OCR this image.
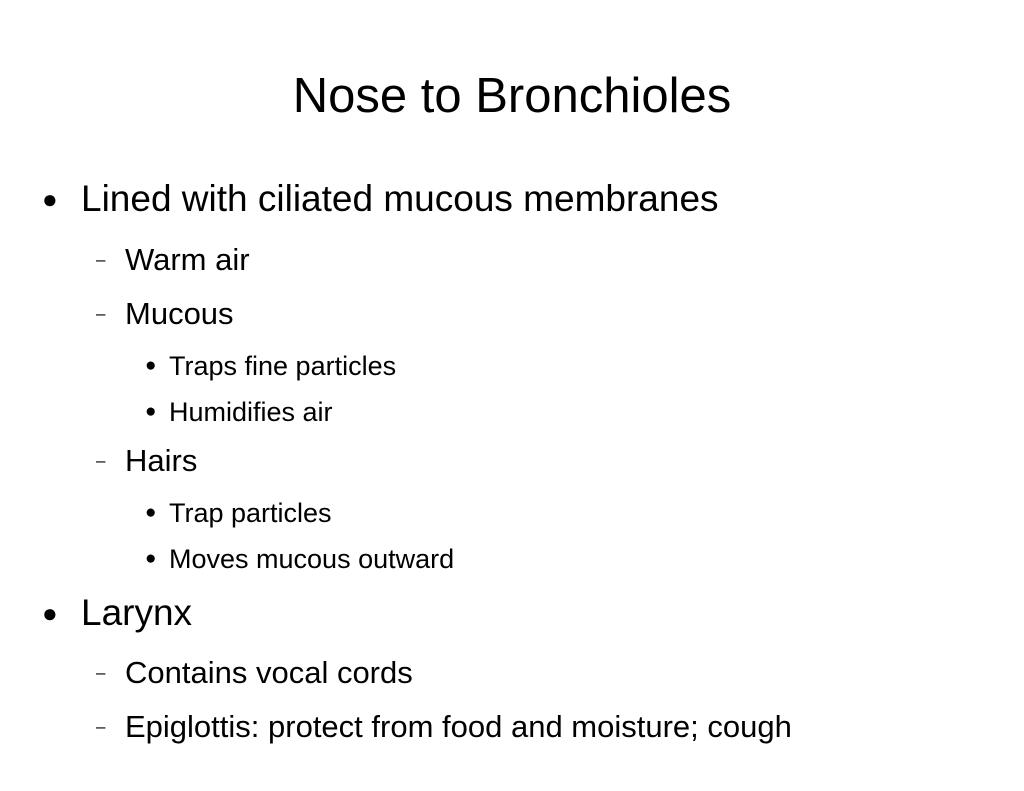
Nose to Bronchioles
● Lined with ciliated mucous membranes
– Warm air
– Mucous
● Traps fine particles
● Humidifies air
– Hairs
● Trap particles
● Moves mucous outward
● Larynx
– Contains vocal cords
– Epiglottis: protect from food and moisture; cough
